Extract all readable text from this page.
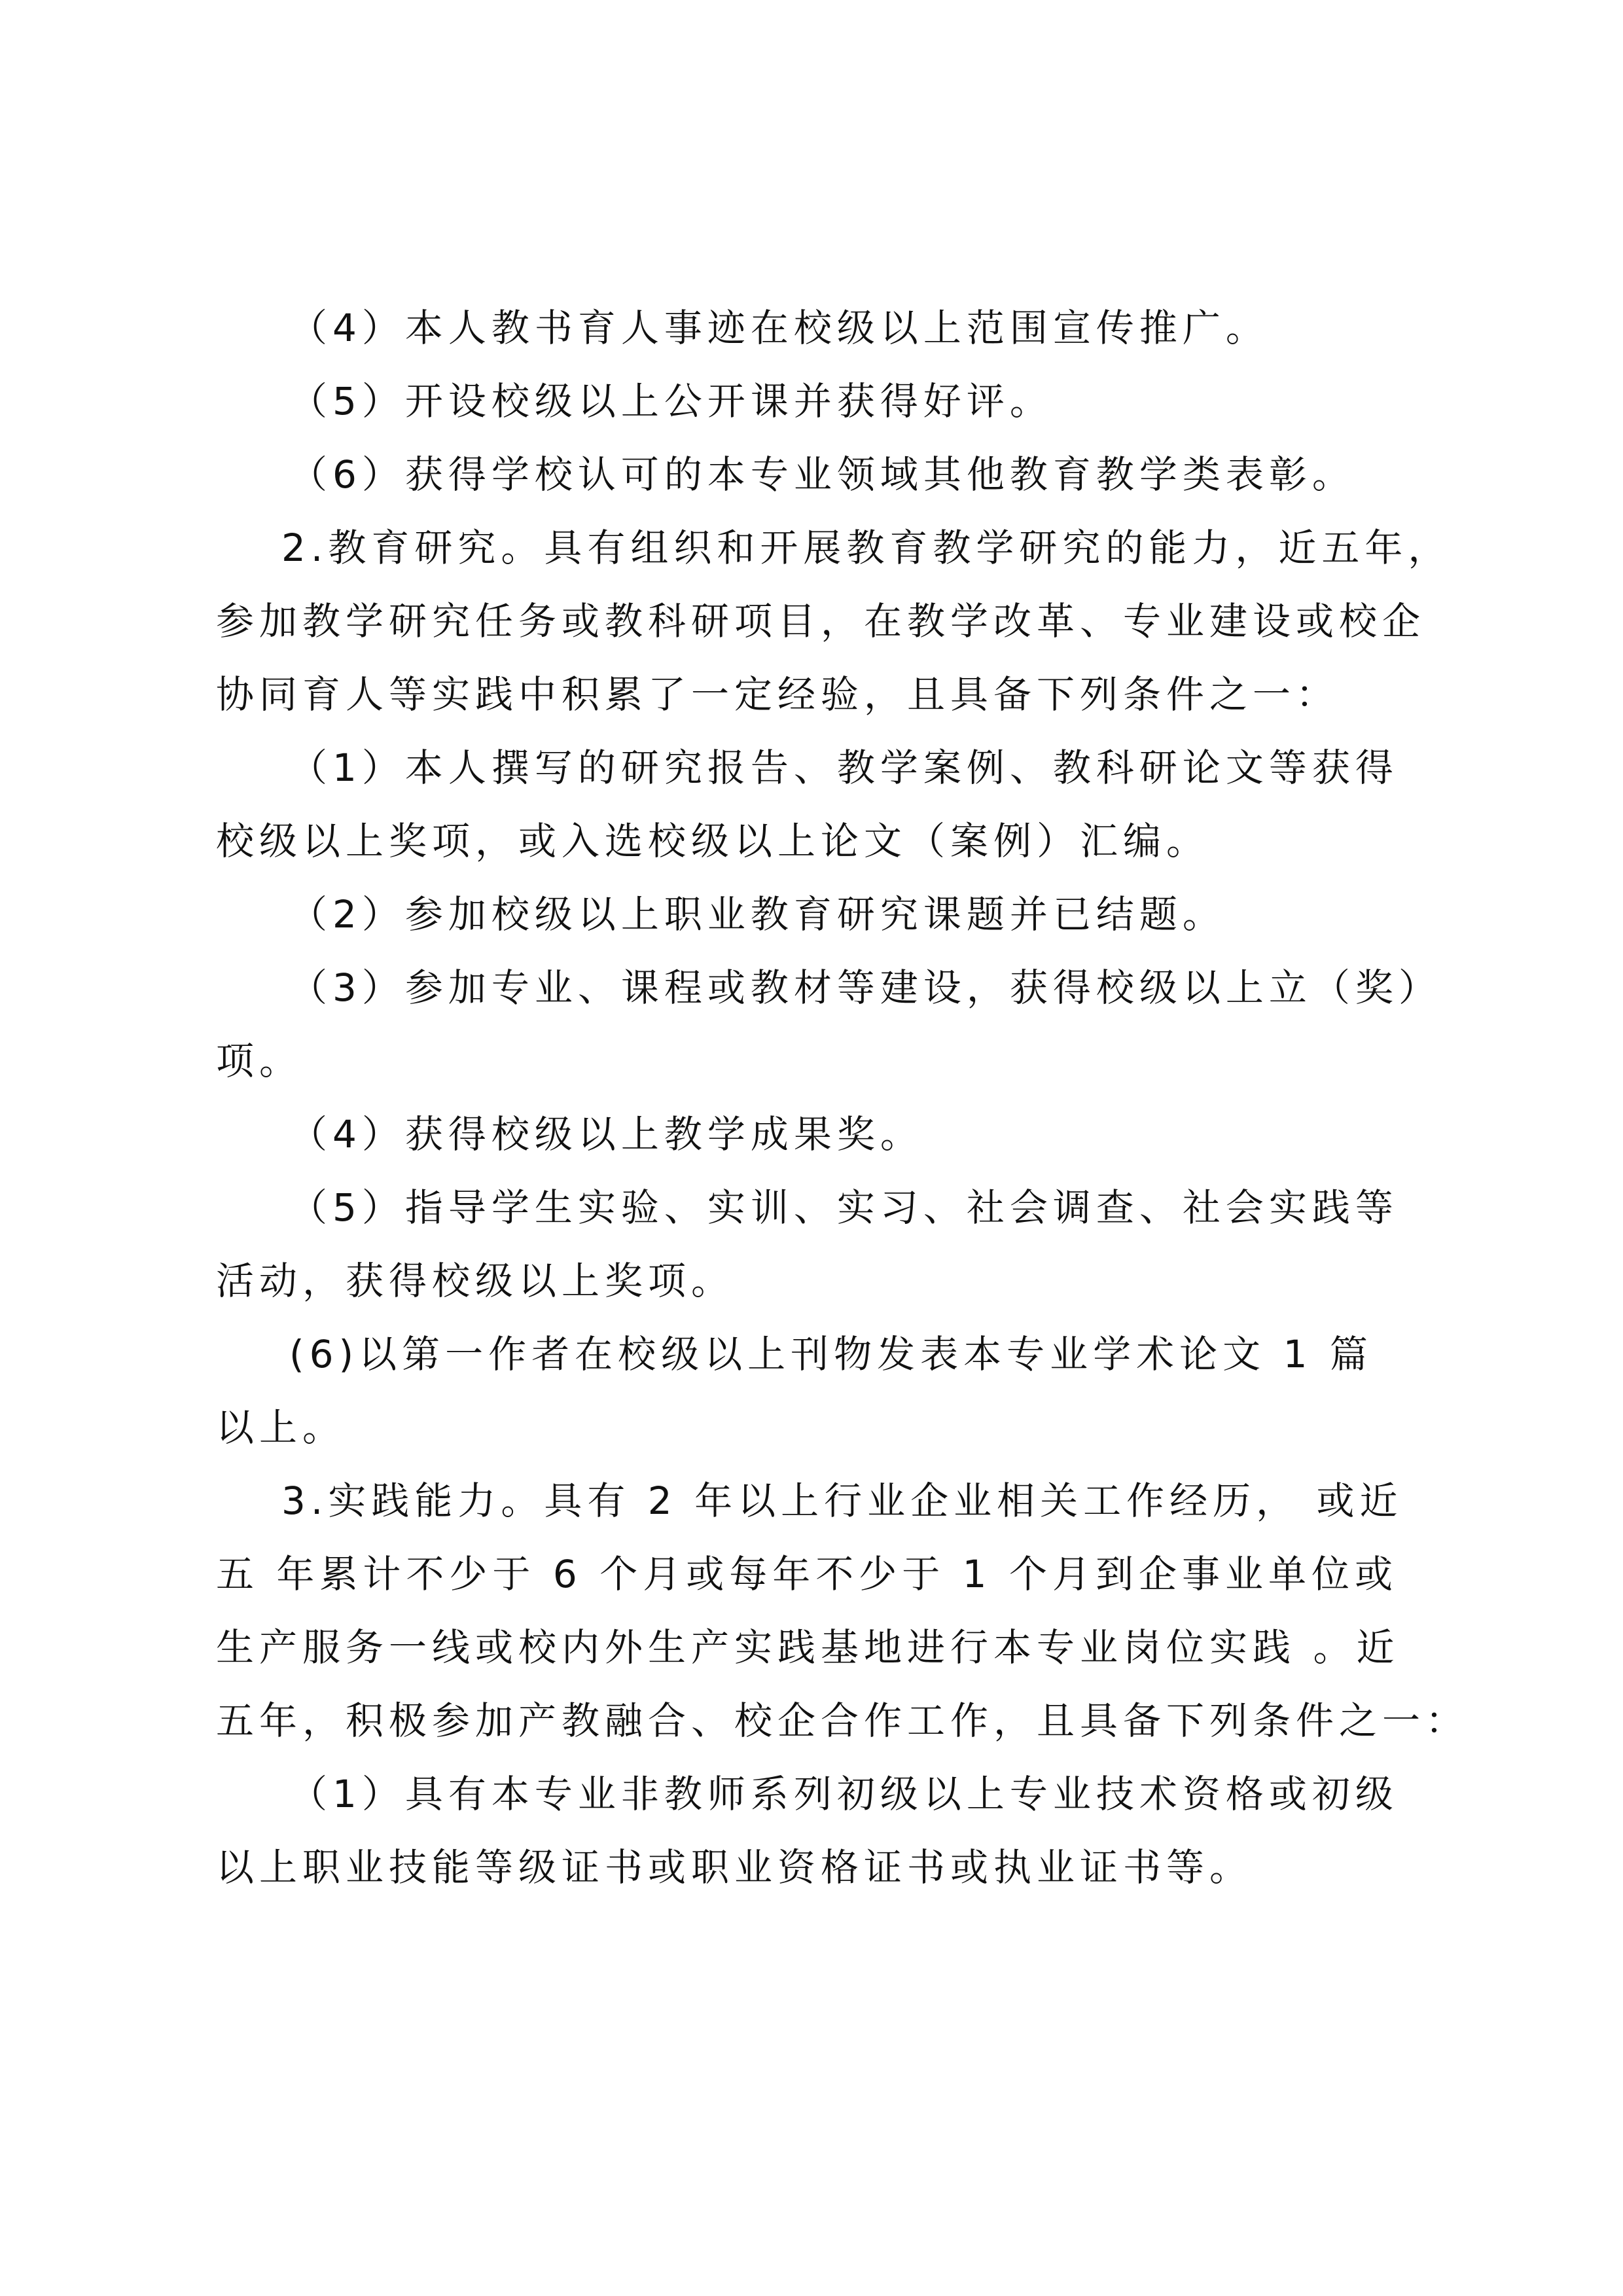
（4）本人教书育人事迹在校级以上范围宣传推广。
（5）开设校级以上公开课并获得好评。
（6）获得学校认可的本专业领域其他教育教学类表彰。
2.教育研究。具有组织和开展教育教学研究的能力，近五年，
参加教学研究任务或教科研项目，在教学改革、专业建设或校企
协同育人等实践中积累了一定经验，且具备下列条件之一：
（1）本人撰写的研究报告、教学案例、教科研论文等获得
校级以上奖项，或入选校级以上论文（案例）汇编。
（2）参加校级以上职业教育研究课题并已结题。
（3）参加专业、课程或教材等建设，获得校级以上立（奖）
项。
（4）获得校级以上教学成果奖。
（5）指导学生实验、实训、实习、社会调查、社会实践等
活动，获得校级以上奖项。
(6)以第一作者在校级以上刊物发表本专业学术论文 1 篇
以上。
3.实践能力。具有 2 年以上行业企业相关工作经历， 或近
五 年累计不少于 6 个月或每年不少于 1 个月到企事业单位或
生产服务一线或校内外生产实践基地进行本专业岗位实践 。近
五年，积极参加产教融合、校企合作工作，且具备下列条件之一：
（1）具有本专业非教师系列初级以上专业技术资格或初级
以上职业技能等级证书或职业资格证书或执业证书等。
